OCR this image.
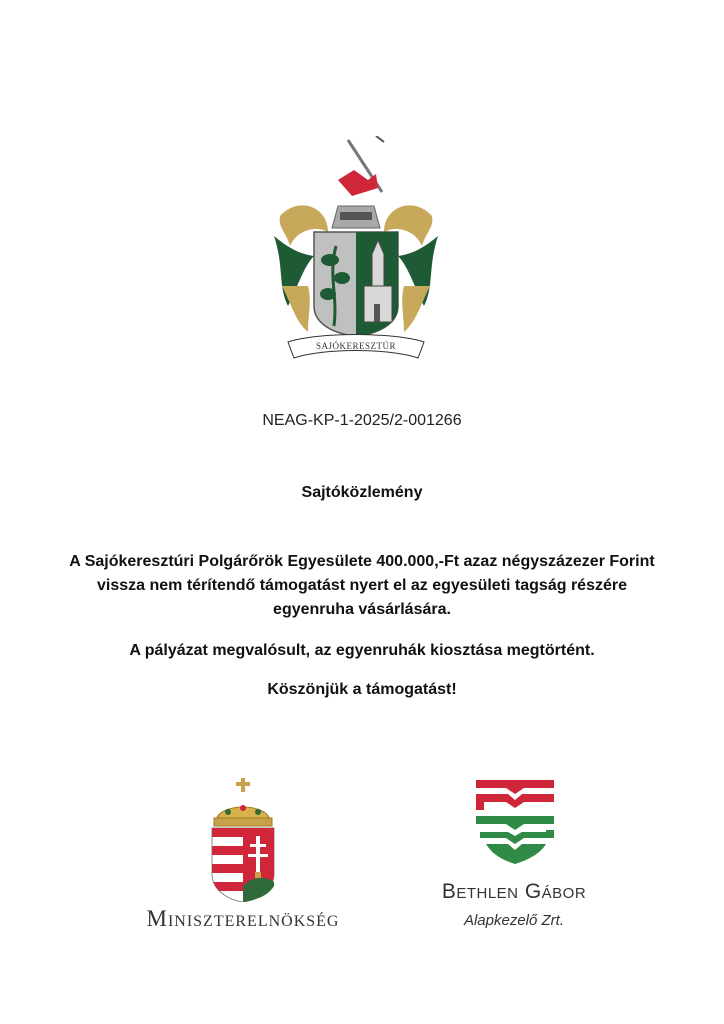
SAJÓKERESZTÚR
NEAG-KP-1-2025/2-001266
Sajtóközlemény
A Sajókeresztúri Polgárőrök Egyesülete 400.000,-Ft azaz négyszázezer Forint vissza nem térítendő támogatást nyert el az egyesületi tagság részére egyenruha vásárlására.
A pályázat megvalósult, az egyenruhák kiosztása megtörtént.
Köszönjük a támogatást!
Miniszterelnökség
Bethlen Gábor
Alapkezelő Zrt.
